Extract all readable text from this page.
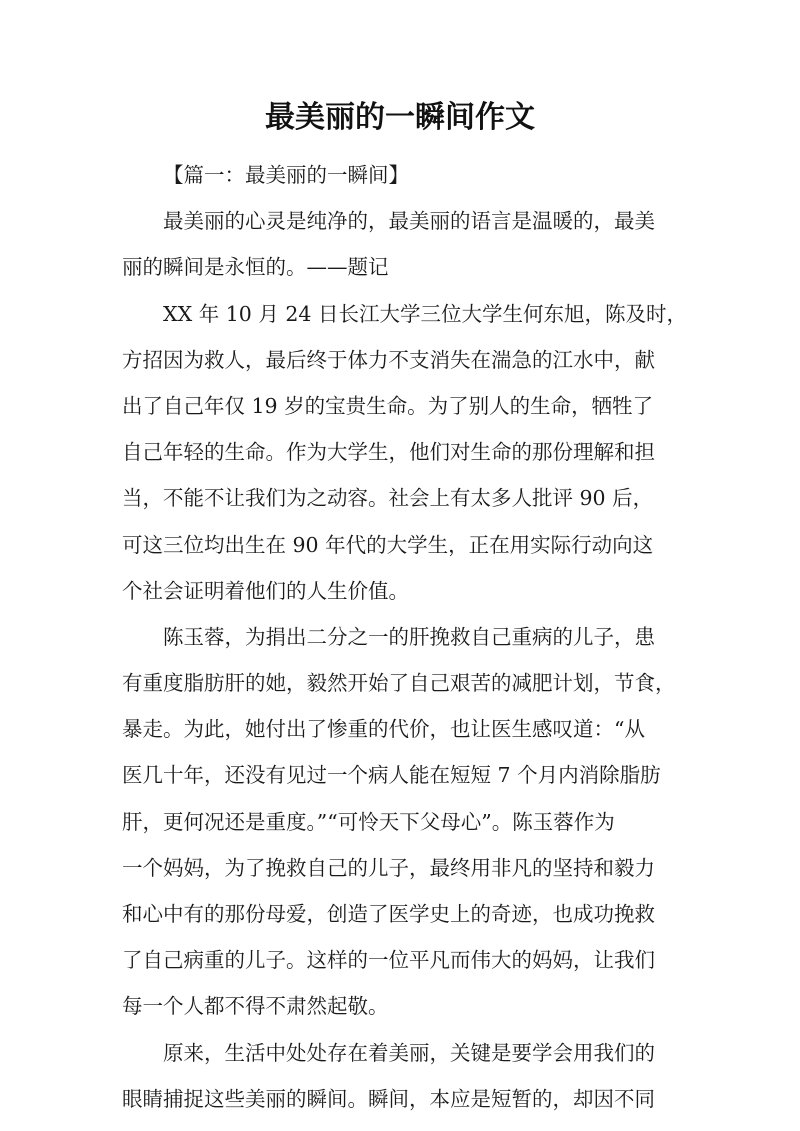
最美丽的一瞬间作文
【篇一：最美丽的一瞬间】
最美丽的心灵是纯净的，最美丽的语言是温暖的，最美
丽的瞬间是永恒的。——题记
XX 年 10 月 24 日长江大学三位大学生何东旭，陈及时，
方招因为救人，最后终于体力不支消失在湍急的江水中，献
出了自己年仅 19 岁的宝贵生命。为了别人的生命，牺牲了
自己年轻的生命。作为大学生，他们对生命的那份理解和担
当，不能不让我们为之动容。社会上有太多人批评 90 后，
可这三位均出生在 90 年代的大学生，正在用实际行动向这
个社会证明着他们的人生价值。
陈玉蓉，为捐出二分之一的肝挽救自己重病的儿子，患
有重度脂肪肝的她，毅然开始了自己艰苦的减肥计划，节食，
暴走。为此，她付出了惨重的代价，也让医生感叹道：“从
医几十年，还没有见过一个病人能在短短 7 个月内消除脂肪
肝，更何况还是重度。”“可怜天下父母心”。陈玉蓉作为
一个妈妈，为了挽救自己的儿子，最终用非凡的坚持和毅力
和心中有的那份母爱，创造了医学史上的奇迹，也成功挽救
了自己病重的儿子。这样的一位平凡而伟大的妈妈，让我们
每一个人都不得不肃然起敬。
原来，生活中处处存在着美丽，关键是要学会用我们的
眼睛捕捉这些美丽的瞬间。瞬间，本应是短暂的，却因不同
